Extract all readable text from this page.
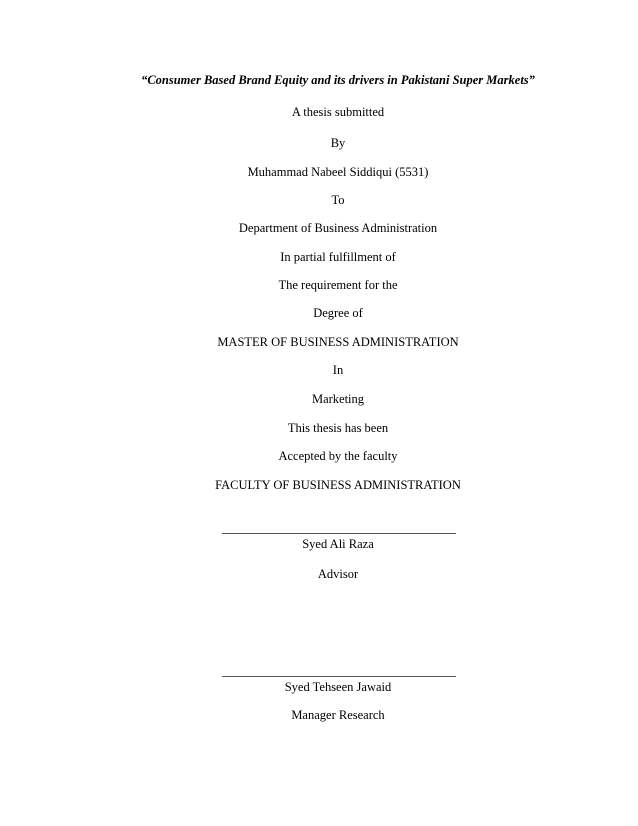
“Consumer Based Brand Equity and its drivers in Pakistani Super Markets”
A thesis submitted
By
Muhammad Nabeel Siddiqui (5531)
To
Department of Business Administration
In partial fulfillment of
The requirement for the
Degree of
MASTER OF BUSINESS ADMINISTRATION
In
Marketing
This thesis has been
Accepted by the faculty
FACULTY OF BUSINESS ADMINISTRATION
Syed Ali Raza
Advisor
Syed Tehseen Jawaid
Manager Research
